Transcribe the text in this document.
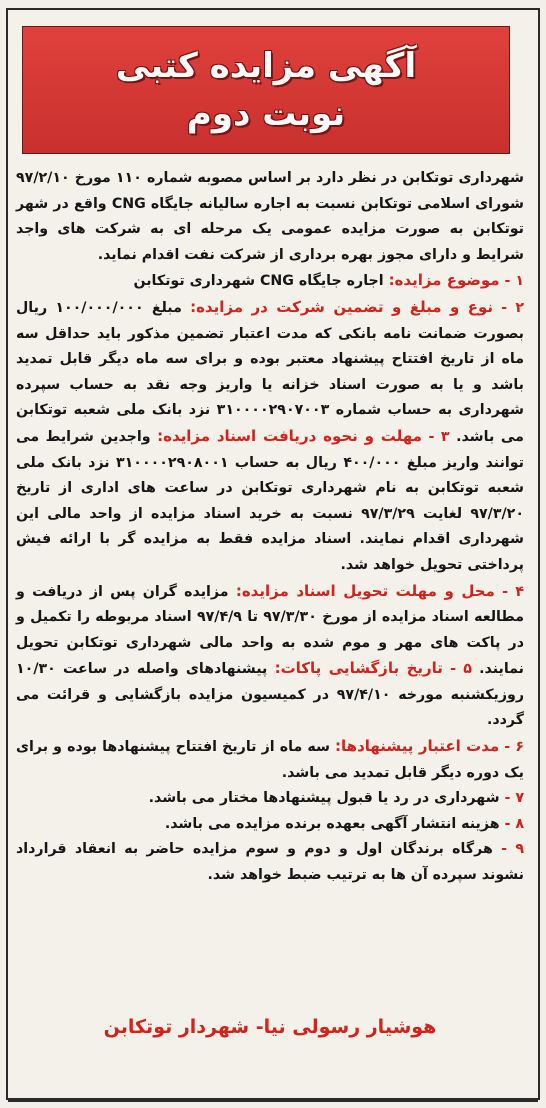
آگهی مزایده کتبی
نوبت دوم

شهرداری توتکابن در نظر دارد بر اساس مصوبه شماره ۱۱۰ مورخ ۹۷/۲/۱۰ شورای اسلامی توتکابن نسبت به اجاره سالیانه جایگاه CNG واقع در شهر توتکابن به صورت مزایده عمومی یک مرحله ای به شرکت های واجد شرایط و دارای مجوز بهره برداری از شرکت نفت اقدام نماید.

۱ - موضوع مزایده: اجاره جایگاه CNG شهرداری توتکابن

۲ - نوع و مبلغ و تضمین شرکت در مزایده: مبلغ ۱۰۰/۰۰۰/۰۰۰ ریال بصورت ضمانت نامه بانکی که مدت اعتبار تضمین مذکور باید حداقل سه ماه از تاریخ افتتاح پیشنهاد معتبر بوده و برای سه ماه دیگر قابل تمدید باشد و یا به صورت اسناد خزانه یا واریز وجه نقد به حساب سپرده شهرداری به حساب شماره ۳۱۰۰۰۰۲۹۰۷۰۰۳ نزد بانک ملی شعبه توتکابن می باشد. ۳ - مهلت و نحوه دریافت اسناد مزایده: واجدین شرایط می توانند واریز مبلغ ۴۰۰/۰۰۰ ریال به حساب ۳۱۰۰۰۰۲۹۰۸۰۰۱ نزد بانک ملی شعبه توتکابن به نام شهرداری توتکابن در ساعت های اداری از تاریخ ۹۷/۳/۲۰ لغایت ۹۷/۳/۲۹ نسبت به خرید اسناد مزایده از واحد مالی این شهرداری اقدام نمایند. اسناد مزایده فقط به مزایده گر با ارائه فیش پرداختی تحویل خواهد شد.

۴ - محل و مهلت تحویل اسناد مزایده: مزایده گران پس از دریافت و مطالعه اسناد مزایده از مورخ ۹۷/۳/۳۰ تا ۹۷/۴/۹ اسناد مربوطه را تکمیل و در پاکت های مهر و موم شده به واحد مالی شهرداری توتکابن تحویل نمایند. ۵ - تاریخ بازگشایی پاکات: پیشنهادهای واصله در ساعت ۱۰/۳۰ روزیکشنبه مورخه ۹۷/۴/۱۰ در کمیسیون مزایده بازگشایی و قرائت می گردد.

۶ - مدت اعتبار پیشنهادها: سه ماه از تاریخ افتتاح پیشنهادها بوده و برای یک دوره دیگر قابل تمدید می باشد.

۷ - شهرداری در رد یا قبول پیشنهادها مختار می باشد.

۸ - هزینه انتشار آگهی بعهده برنده مزایده می باشد.

۹ - هرگاه برندگان اول و دوم و سوم مزایده حاضر به انعقاد قرارداد نشوند سپرده آن ها به ترتیب ضبط خواهد شد.

هوشیار رسولی نیا- شهردار توتکابن
